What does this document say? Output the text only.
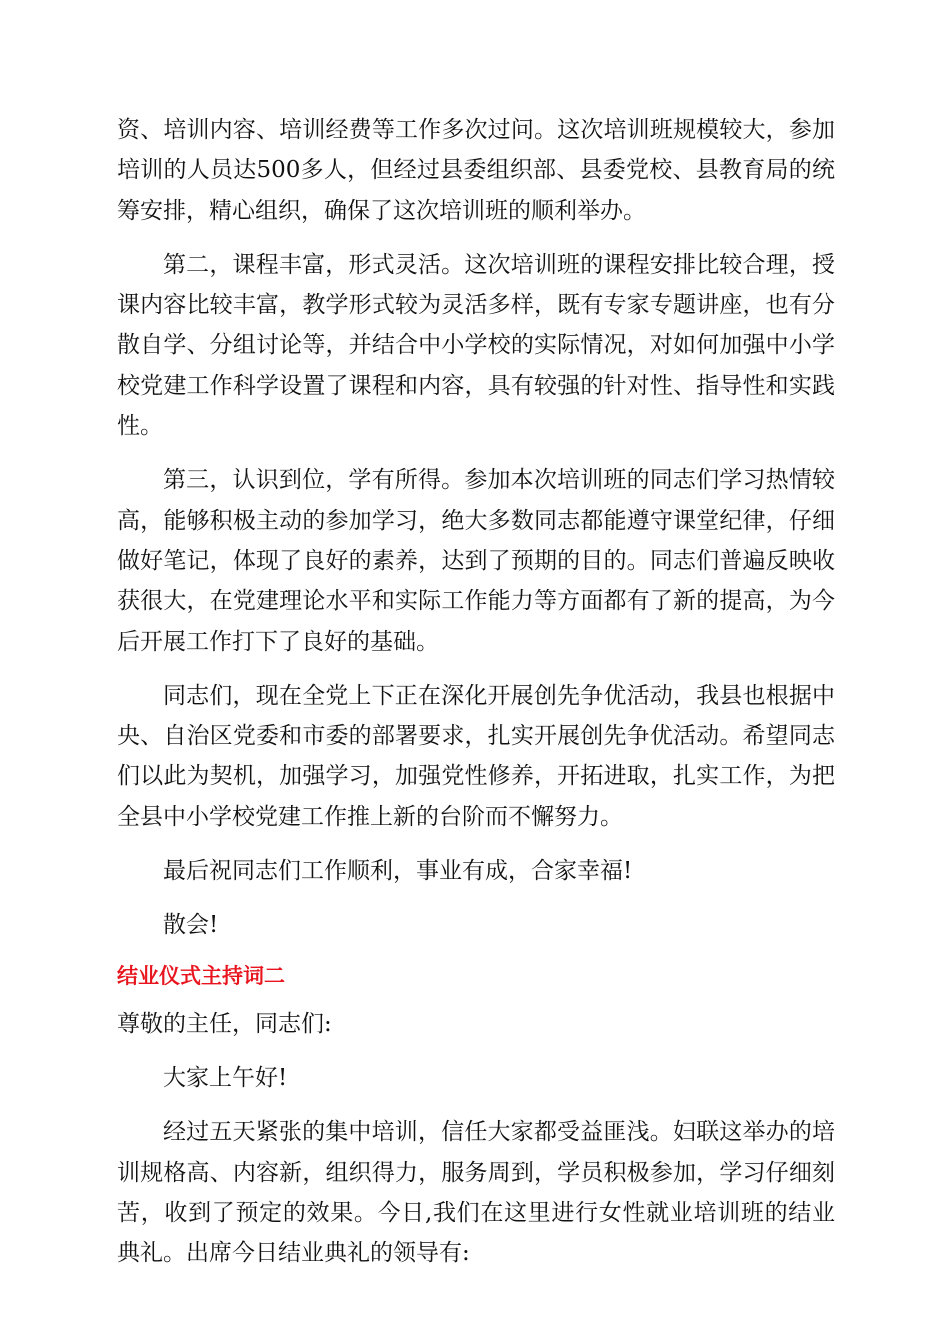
资、培训内容、培训经费等工作多次过问。这次培训班规模较大，参加培训的人员达500多人，但经过县委组织部、县委党校、县教育局的统筹安排，精心组织，确保了这次培训班的顺利举办。

第二，课程丰富，形式灵活。这次培训班的课程安排比较合理，授课内容比较丰富，教学形式较为灵活多样，既有专家专题讲座，也有分散自学、分组讨论等，并结合中小学校的实际情况，对如何加强中小学校党建工作科学设置了课程和内容，具有较强的针对性、指导性和实践性。

第三，认识到位，学有所得。参加本次培训班的同志们学习热情较高，能够积极主动的参加学习，绝大多数同志都能遵守课堂纪律，仔细做好笔记，体现了良好的素养，达到了预期的目的。同志们普遍反映收获很大，在党建理论水平和实际工作能力等方面都有了新的提高，为今后开展工作打下了良好的基础。

同志们，现在全党上下正在深化开展创先争优活动，我县也根据中央、自治区党委和市委的部署要求，扎实开展创先争优活动。希望同志们以此为契机，加强学习，加强党性修养，开拓进取，扎实工作，为把全县中小学校党建工作推上新的台阶而不懈努力。

最后祝同志们工作顺利，事业有成，合家幸福!

散会!

结业仪式主持词二

尊敬的主任，同志们:

大家上午好!

经过五天紧张的集中培训，信任大家都受益匪浅。妇联这举办的培训规格高、内容新，组织得力，服务周到，学员积极参加，学习仔细刻苦，收到了预定的效果。今日,我们在这里进行女性就业培训班的结业典礼。出席今日结业典礼的领导有:
